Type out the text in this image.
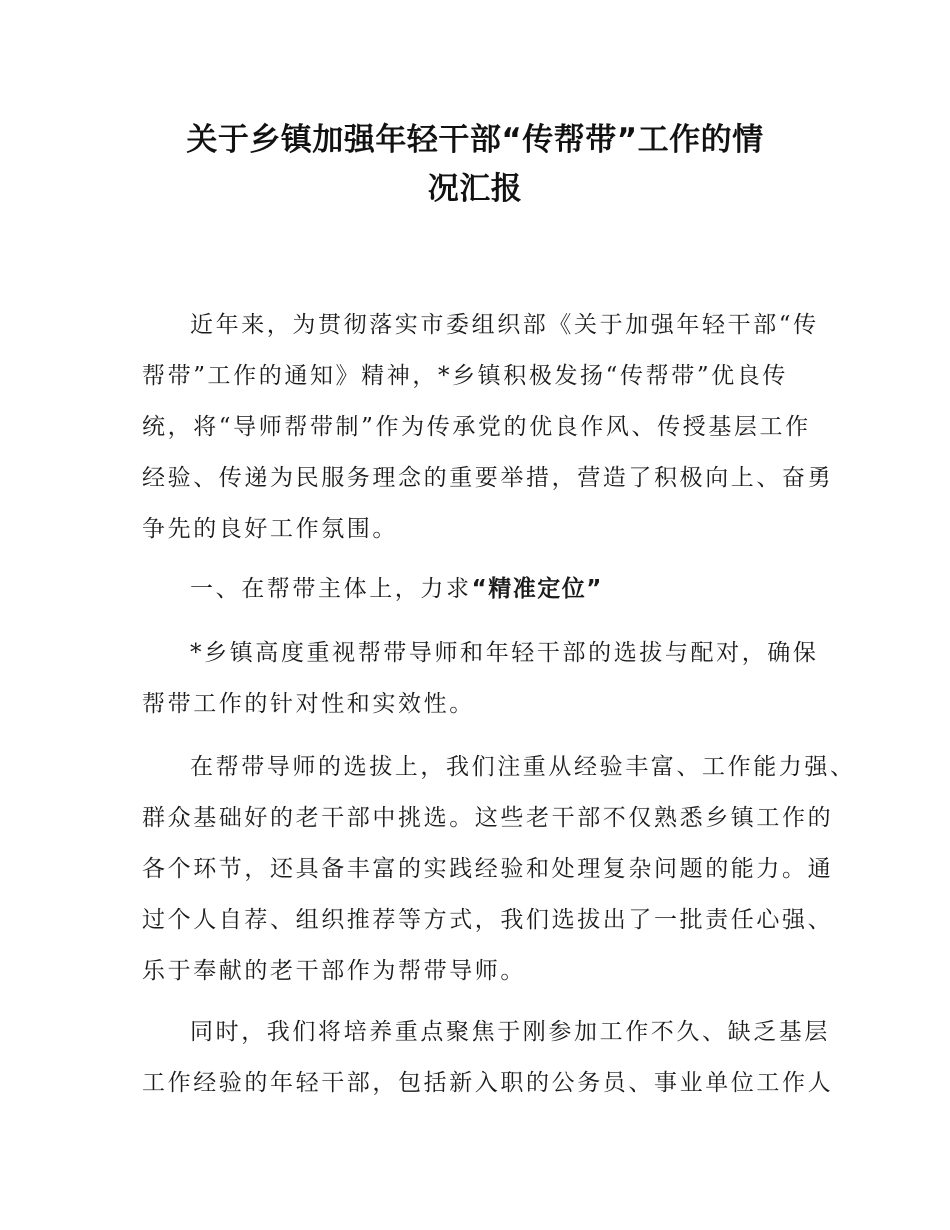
关于乡镇加强年轻干部“传帮带”工作的情
况汇报
近年来，为贯彻落实市委组织部《关于加强年轻干部“传
帮带”工作的通知》精神，*乡镇积极发扬“传帮带”优良传
统，将“导师帮带制”作为传承党的优良作风、传授基层工作
经验、传递为民服务理念的重要举措，营造了积极向上、奋勇
争先的良好工作氛围。
一、在帮带主体上，力求“精准定位”
*乡镇高度重视帮带导师和年轻干部的选拔与配对，确保
帮带工作的针对性和实效性。
在帮带导师的选拔上，我们注重从经验丰富、工作能力强、
群众基础好的老干部中挑选。这些老干部不仅熟悉乡镇工作的
各个环节，还具备丰富的实践经验和处理复杂问题的能力。通
过个人自荐、组织推荐等方式，我们选拔出了一批责任心强、
乐于奉献的老干部作为帮带导师。
同时，我们将培养重点聚焦于刚参加工作不久、缺乏基层
工作经验的年轻干部，包括新入职的公务员、事业单位工作人
